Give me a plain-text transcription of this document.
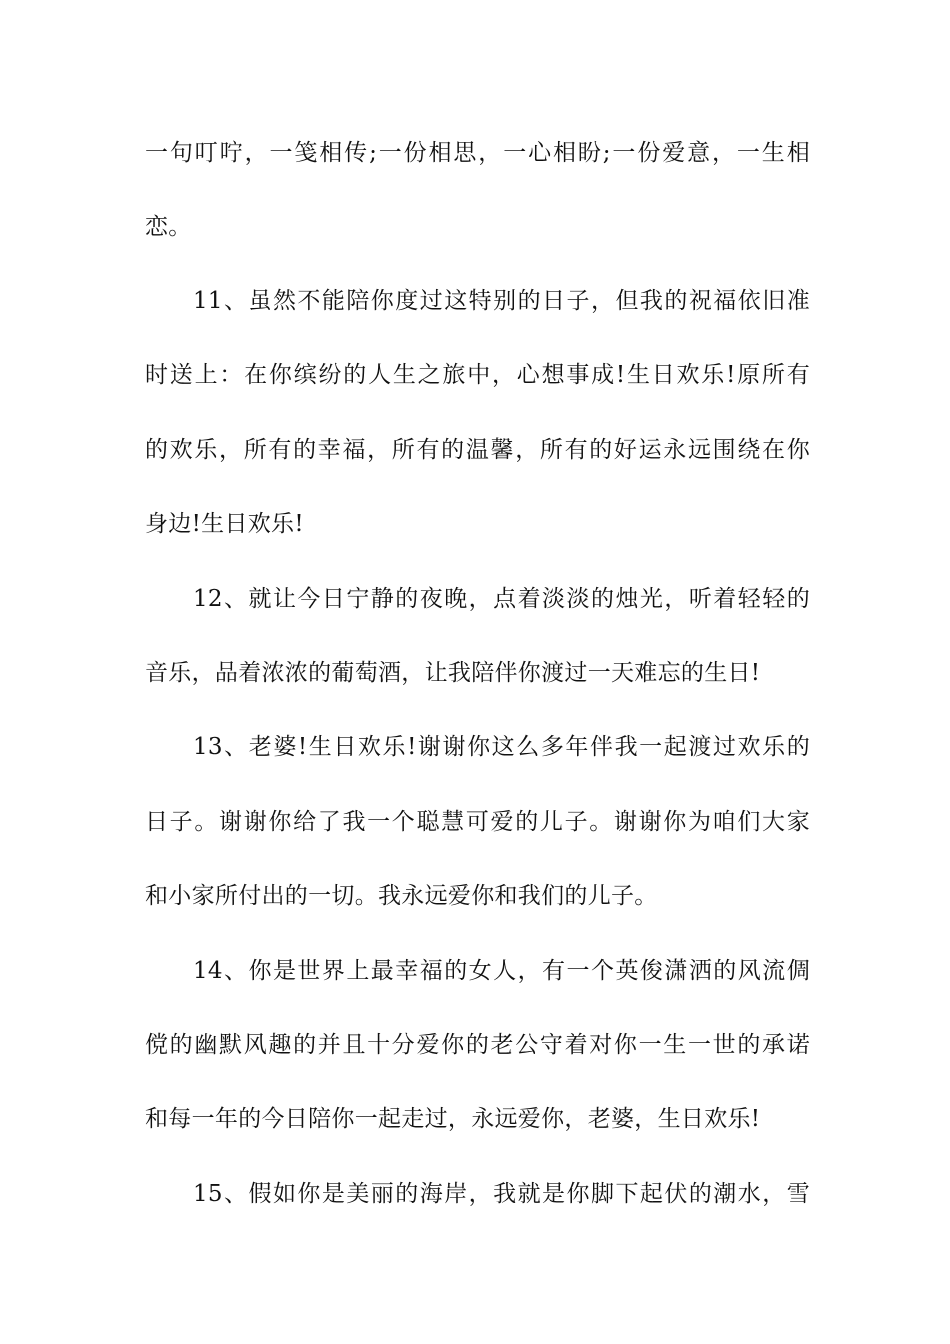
一句叮咛，一笺相传;一份相思，一心相盼;一份爱意，一生相
恋。
11、虽然不能陪你度过这特别的日子，但我的祝福依旧准
时送上：在你缤纷的人生之旅中，心想事成!生日欢乐!原所有
的欢乐，所有的幸福，所有的温馨，所有的好运永远围绕在你
身边!生日欢乐!
12、就让今日宁静的夜晚，点着淡淡的烛光，听着轻轻的
音乐，品着浓浓的葡萄酒，让我陪伴你渡过一天难忘的生日!
13、老婆!生日欢乐!谢谢你这么多年伴我一起渡过欢乐的
日子。谢谢你给了我一个聪慧可爱的儿子。谢谢你为咱们大家
和小家所付出的一切。我永远爱你和我们的儿子。
14、你是世界上最幸福的女人，有一个英俊潇洒的风流倜
傥的幽默风趣的并且十分爱你的老公守着对你一生一世的承诺
和每一年的今日陪你一起走过，永远爱你，老婆，生日欢乐!
15、假如你是美丽的海岸，我就是你脚下起伏的潮水，雪
